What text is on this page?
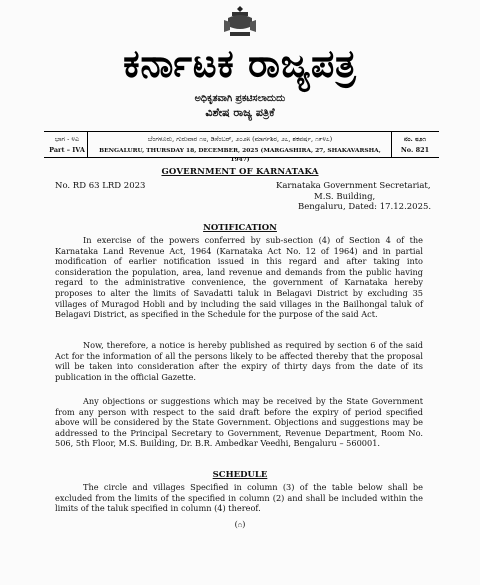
ಕರ್ನಾಟಕ ರಾಜ್ಯಪತ್ರ
ಅಧಿಕೃತವಾಗಿ ಪ್ರಕಟಿಸಲಾದುದು
ವಿಶೇಷ ರಾಜ್ಯ ಪತ್ರಿಕೆ
ಭಾಗ - ೪ಎ
Part – IVA
ಬೆಂಗಳೂರು, ಗುರುವಾರ ೧೮, ಡಿಸೆಂಬರ್, ೨೦೨೫ (ಮಾರ್ಗಶಿರ, ೨೭, ಶಕವರ್ಷ, ೧೯೪೭)
BENGALURU, THURSDAY 18, DECEMBER, 2025 (MARGASHIRA, 27, SHAKAVARSHA, 1947)
ನಂ. ೮೨೧
No. 821
GOVERNMENT OF KARNATAKA
No. RD 63 LRD 2023	Karnataka Government Secretariat,
M.S. Building,
Bengaluru, Dated: 17.12.2025.
NOTIFICATION

In exercise of the powers conferred by sub-section (4) of Section 4 of the Karnataka Land Revenue Act, 1964 (Karnataka Act No. 12 of 1964) and in partial modification of earlier notification issued in this regard and after taking into consideration the population, area, land revenue and demands from the public having regard to the administrative convenience, the government of Karnataka hereby proposes to alter the limits of Savadatti taluk in Belagavi District by excluding 35 villages of Muragod Hobli and by including the said villages in the Bailhongal taluk of Belagavi District, as specified in the Schedule for the purpose of the said Act.

Now, therefore, a notice is hereby published as required by section 6 of the said Act for the information of all the persons likely to be affected thereby that the proposal will be taken into consideration after the expiry of thirty days from the date of its publication in the official Gazette.

Any objections or suggestions which may be received by the State Government from any person with respect to the said draft before the expiry of period specified above will be considered by the State Government. Objections and suggestions may be addressed to the Principal Secretary to Government, Revenue Department, Room No. 506, 5th Floor, M.S. Building, Dr. B.R. Ambedkar Veedhi, Bengaluru – 560001.

SCHEDULE

The circle and villages Specified in column (3) of the table below shall be excluded from the limits of the specified in column (2) and shall be included within the limits of the taluk specified in column (4) thereof.

(೧)
